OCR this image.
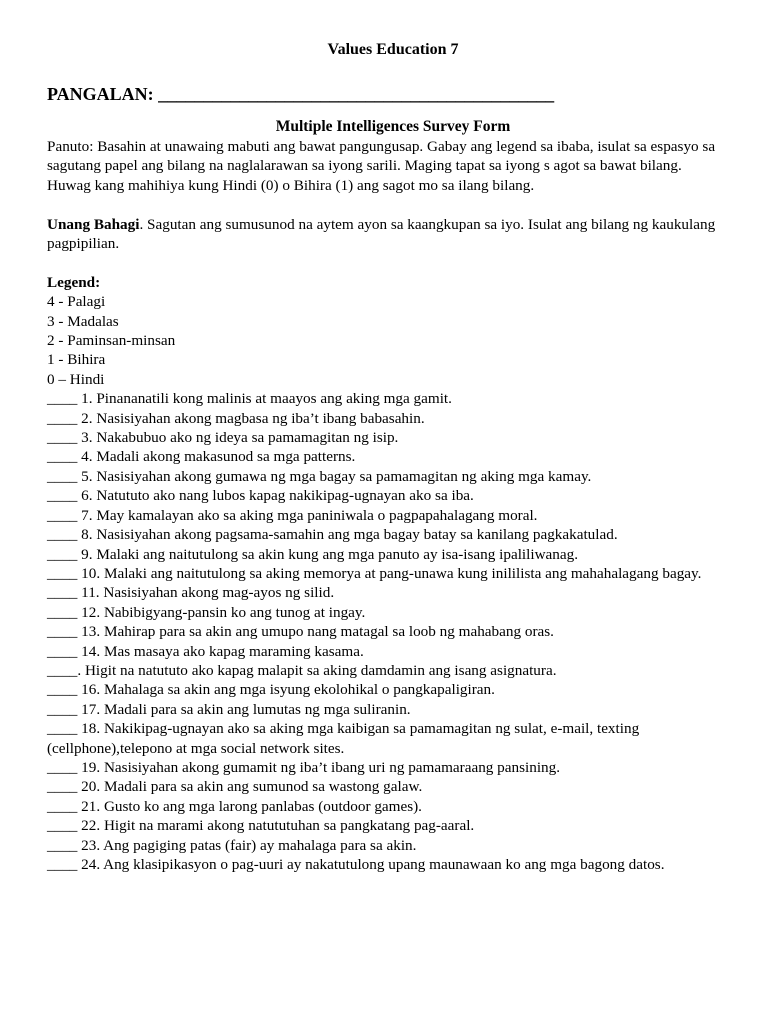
Values Education 7
PANGALAN: ____________________________________________
Multiple Intelligences Survey Form

Panuto: Basahin at unawaing mabuti ang bawat pangungusap. Gabay ang legend sa ibaba, isulat sa espasyo sa sagutang papel ang bilang na naglalarawan sa iyong sarili. Maging tapat sa iyong s agot sa bawat bilang. Huwag kang mahihiya kung Hindi (0) o Bihira (1) ang sagot mo sa ilang bilang.

Unang Bahagi. Sagutan ang sumusunod na aytem ayon sa kaangkupan sa iyo. Isulat ang bilang ng kaukulang pagpipilian.

Legend:
4 - Palagi
3 - Madalas
2 - Paminsan-minsan
1 - Bihira
0 – Hindi
____ 1. Pinananatili kong malinis at maayos ang aking mga gamit.
____ 2. Nasisiyahan akong magbasa ng iba’t ibang babasahin.
____ 3. Nakabubuo ako ng ideya sa pamamagitan ng isip.
____ 4. Madali akong makasunod sa mga patterns.
____ 5. Nasisiyahan akong gumawa ng mga bagay sa pamamagitan ng aking mga kamay.
____ 6. Natututo ako nang lubos kapag nakikipag-ugnayan ako sa iba.
____ 7. May kamalayan ako sa aking mga paniniwala o pagpapahalagang moral.
____ 8. Nasisiyahan akong pagsama-samahin ang mga bagay batay sa kanilang pagkakatulad.
____ 9. Malaki ang naitutulong sa akin kung ang mga panuto ay isa-isang ipaliliwanag.
____ 10. Malaki ang naitutulong sa aking memorya at pang-unawa kung inililista ang mahahalagang bagay.
____ 11. Nasisiyahan akong mag-ayos ng silid.
____ 12. Nabibigyang-pansin ko ang tunog at ingay.
____ 13. Mahirap para sa akin ang umupo nang matagal sa loob ng mahabang oras.
____ 14. Mas masaya ako kapag maraming kasama.
____. Higit na natututo ako kapag malapit sa aking damdamin ang isang asignatura.
____ 16. Mahalaga sa akin ang mga isyung ekolohikal o pangkapaligiran.
____ 17. Madali para sa akin ang lumutas ng mga suliranin.
____ 18. Nakikipag-ugnayan ako sa aking mga kaibigan sa pamamagitan ng sulat, e-mail, texting (cellphone),telepono at mga social network sites.
____ 19. Nasisiyahan akong gumamit ng iba’t ibang uri ng pamamaraang pansining.
____ 20. Madali para sa akin ang sumunod sa wastong galaw.
____ 21. Gusto ko ang mga larong panlabas (outdoor games).
____ 22. Higit na marami akong natututuhan sa pangkatang pag-aaral.
____ 23. Ang pagiging patas (fair) ay mahalaga para sa akin.
____ 24. Ang klasipikasyon o pag-uuri ay nakatutulong upang maunawaan ko ang mga bagong datos.
